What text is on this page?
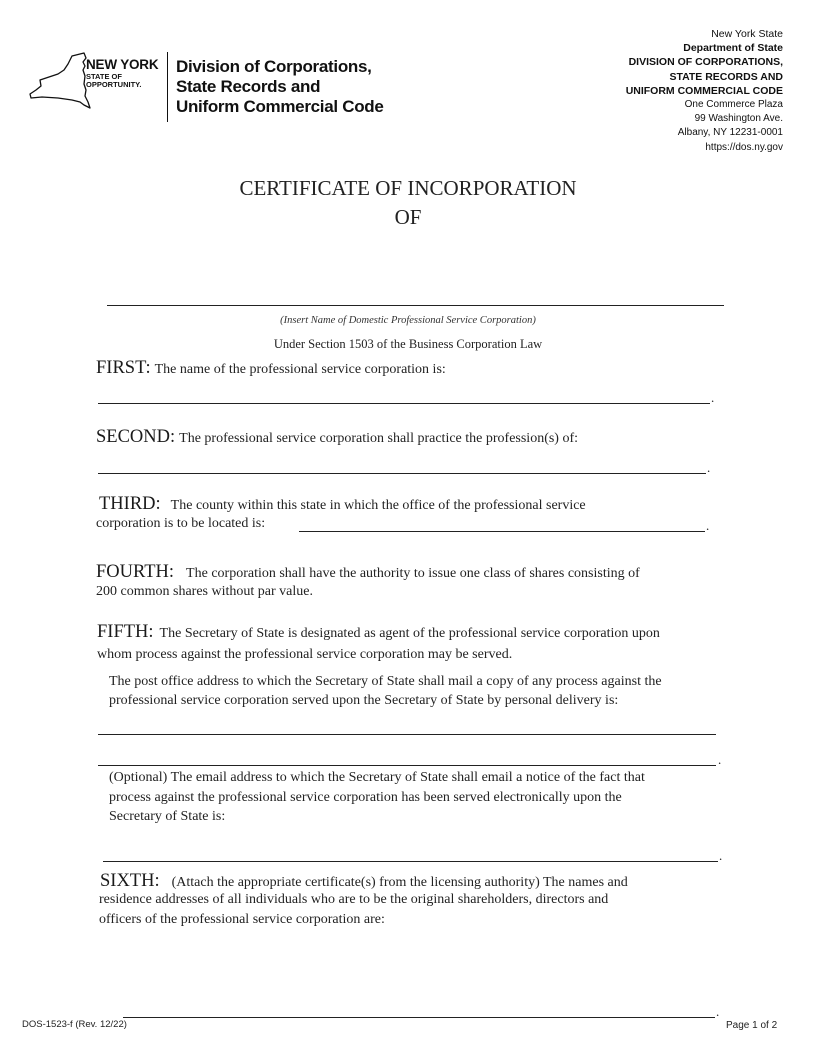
NEW YORK
STATE OF
OPPORTUNITY.
Division of Corporations,
State Records and
Uniform Commercial Code
New York State
Department of State
DIVISION OF CORPORATIONS,
STATE RECORDS AND
UNIFORM COMMERCIAL CODE
One Commerce Plaza
99 Washington Ave.
Albany, NY 12231-0001
https://dos.ny.gov
CERTIFICATE OF INCORPORATION
OF
(Insert Name of Domestic Professional Service Corporation)
Under Section 1503 of the Business Corporation Law
FIRST: The name of the professional service corporation is:
.
SECOND: The professional service corporation shall practice the profession(s) of:
.
THIRD: The county within this state in which the office of the professional service
corporation is to be located is:	.
FOURTH: The corporation shall have the authority to issue one class of shares consisting of
200 common shares without par value.
FIFTH: The Secretary of State is designated as agent of the professional service corporation upon
whom process against the professional service corporation may be served.
The post office address to which the Secretary of State shall mail a copy of any process against the
professional service corporation served upon the Secretary of State by personal delivery is:
.
(Optional) The email address to which the Secretary of State shall email a notice of the fact that
process against the professional service corporation has been served electronically upon the
Secretary of State is:
.
SIXTH: (Attach the appropriate certificate(s) from the licensing authority) The names and
residence addresses of all individuals who are to be the original shareholders, directors and
officers of the professional service corporation are:
.
DOS-1523-f (Rev. 12/22)	Page 1 of 2
